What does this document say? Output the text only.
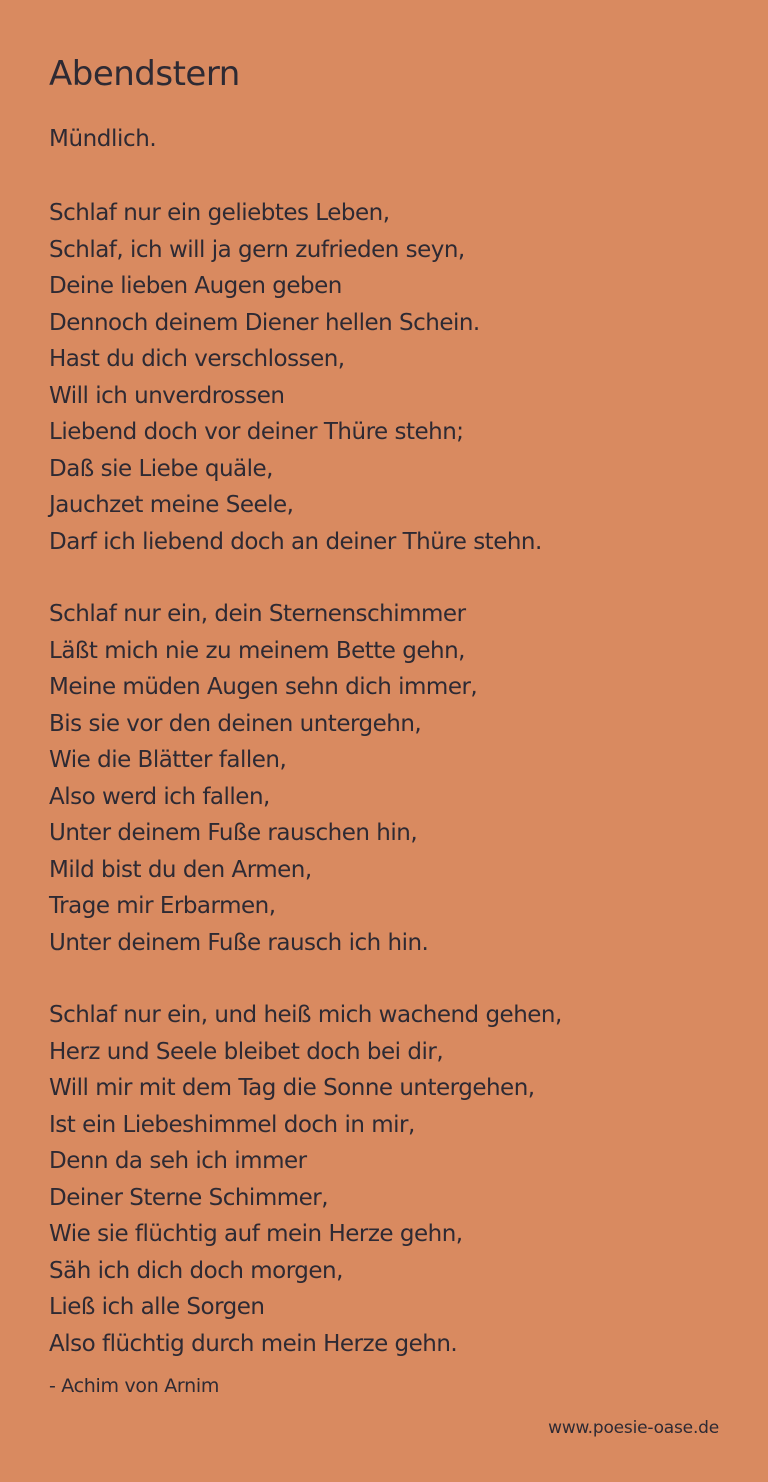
Abendstern
Mündlich.
Schlaf nur ein geliebtes Leben,
Schlaf, ich will ja gern zufrieden seyn,
Deine lieben Augen geben
Dennoch deinem Diener hellen Schein.
Hast du dich verschlossen,
Will ich unverdrossen
Liebend doch vor deiner Thüre stehn;
Daß sie Liebe quäle,
Jauchzet meine Seele,
Darf ich liebend doch an deiner Thüre stehn.
Schlaf nur ein, dein Sternenschimmer
Läßt mich nie zu meinem Bette gehn,
Meine müden Augen sehn dich immer,
Bis sie vor den deinen untergehn,
Wie die Blätter fallen,
Also werd ich fallen,
Unter deinem Fuße rauschen hin,
Mild bist du den Armen,
Trage mir Erbarmen,
Unter deinem Fuße rausch ich hin.
Schlaf nur ein, und heiß mich wachend gehen,
Herz und Seele bleibet doch bei dir,
Will mir mit dem Tag die Sonne untergehen,
Ist ein Liebeshimmel doch in mir,
Denn da seh ich immer
Deiner Sterne Schimmer,
Wie sie flüchtig auf mein Herze gehn,
Säh ich dich doch morgen,
Ließ ich alle Sorgen
Also flüchtig durch mein Herze gehn.
- Achim von Arnim
www.poesie-oase.de
